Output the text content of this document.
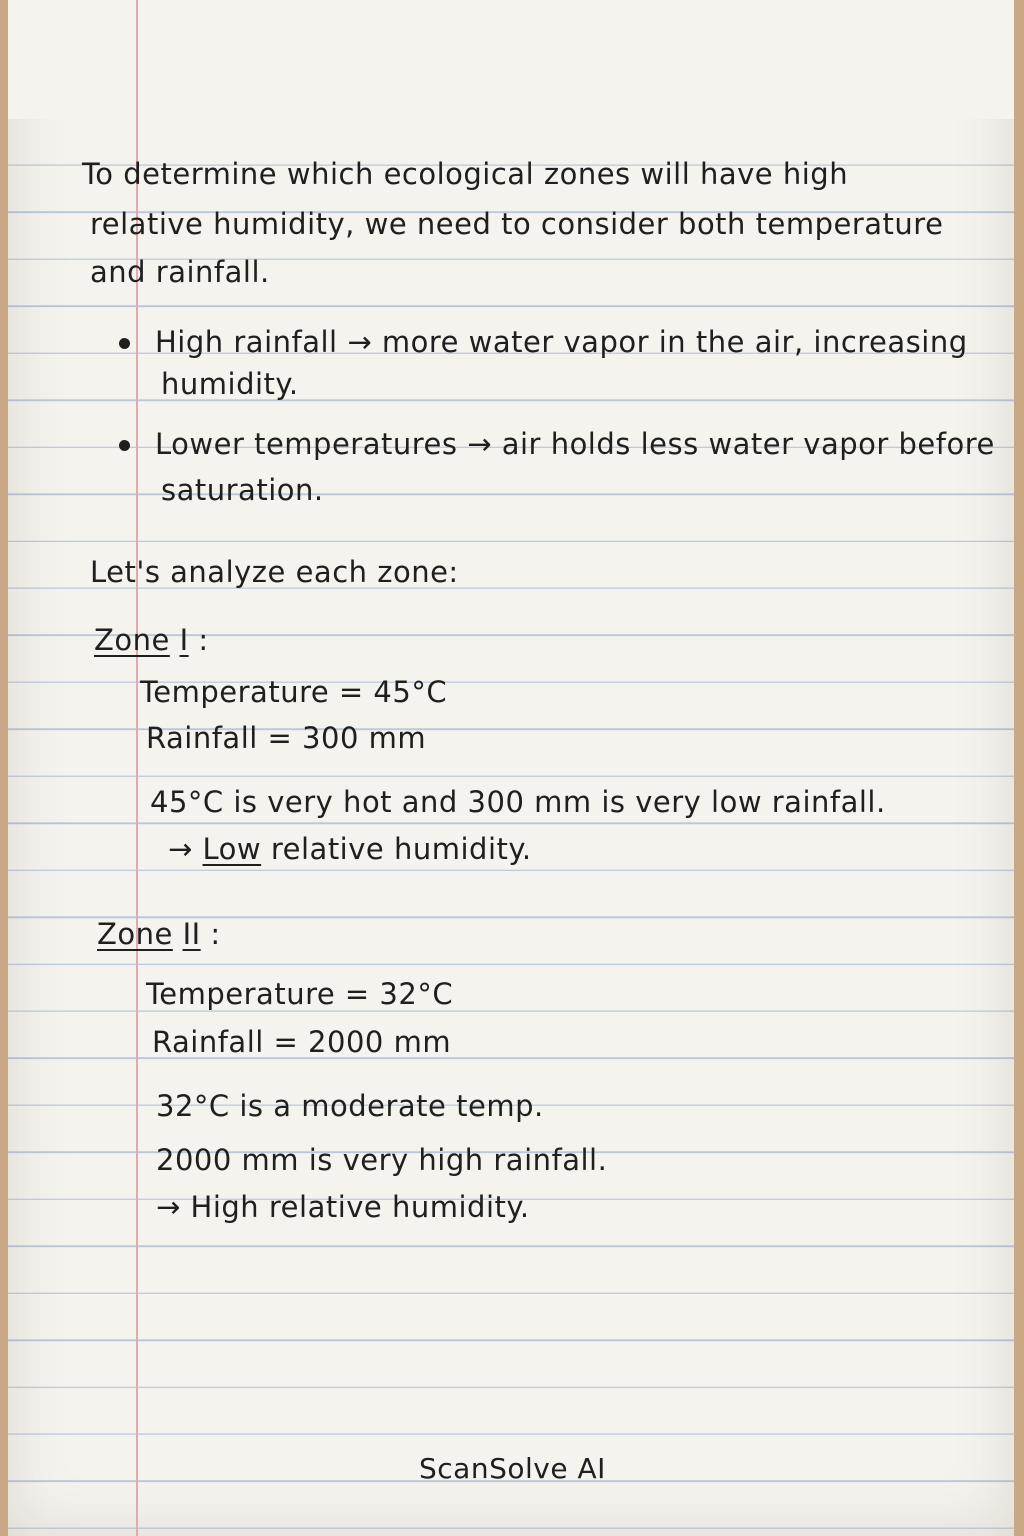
To determine which ecological zones will have high
relative humidity, we need to consider both temperature
and rainfall.
High rainfall → more water vapor in the air, increasing
humidity.
Lower temperatures → air holds less water vapor before
saturation.
Let's analyze each zone:
Zone I :
Temperature = 45°C
Rainfall = 300 mm
45°C is very hot and 300 mm is very low rainfall.
→ Low relative humidity.
Zone II :
Temperature = 32°C
Rainfall = 2000 mm
32°C is a moderate temp.
2000 mm is very high rainfall.
→ High relative humidity.
ScanSolve AI
